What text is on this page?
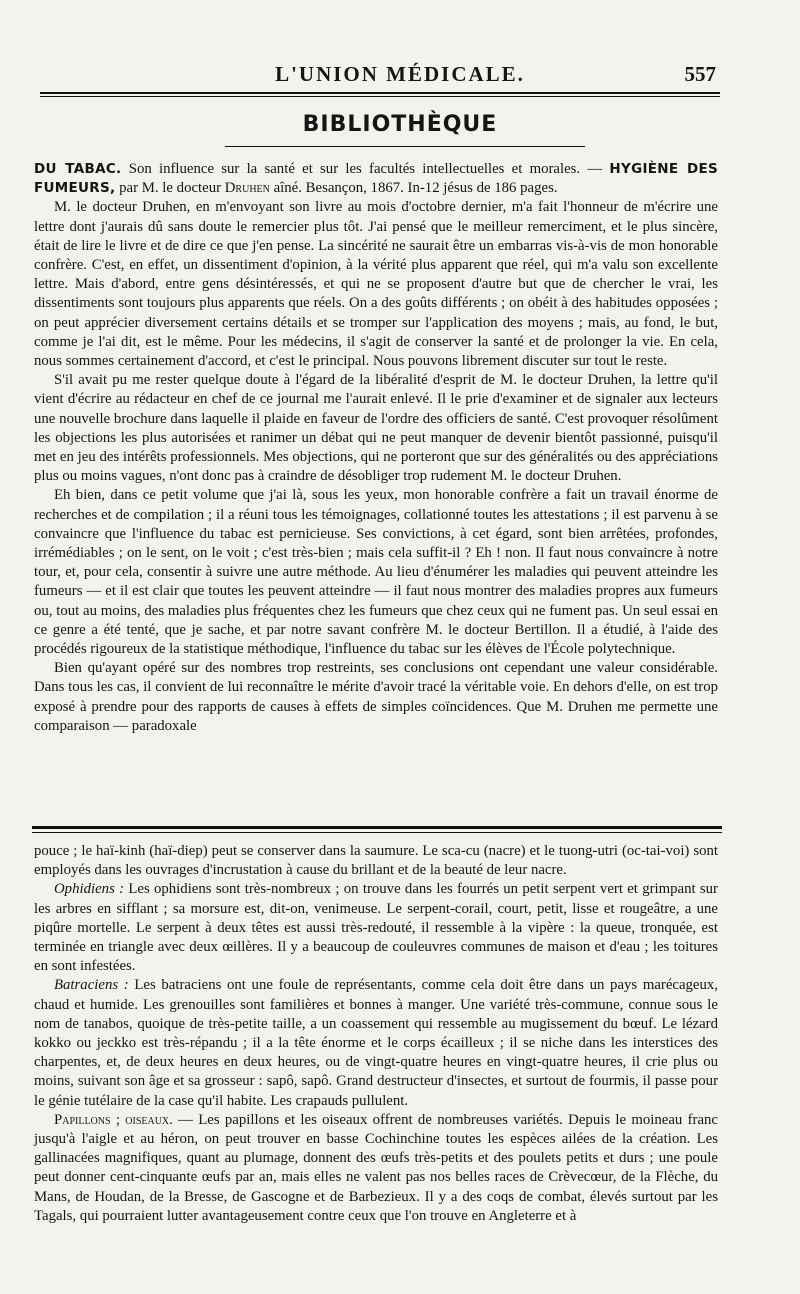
L'UNION MÉDICALE.	557
BIBLIOTHÈQUE

DU TABAC. Son influence sur la santé et sur les facultés intellectuelles et morales. — HYGIÈNE DES FUMEURS, par M. le docteur Druhen aîné. Besançon, 1867. In-12 jésus de 186 pages.

M. le docteur Druhen, en m'envoyant son livre au mois d'octobre dernier, m'a fait l'honneur de m'écrire une lettre dont j'aurais dû sans doute le remercier plus tôt. J'ai pensé que le meilleur remerciment, et le plus sincère, était de lire le livre et de dire ce que j'en pense. La sincérité ne saurait être un embarras vis-à-vis de mon honorable confrère. C'est, en effet, un dissentiment d'opinion, à la vérité plus apparent que réel, qui m'a valu son excellente lettre. Mais d'abord, entre gens désintéressés, et qui ne se proposent d'autre but que de chercher le vrai, les dissentiments sont toujours plus apparents que réels. On a des goûts différents ; on obéit à des habitudes opposées ; on peut apprécier diversement certains détails et se tromper sur l'application des moyens ; mais, au fond, le but, comme je l'ai dit, est le même. Pour les médecins, il s'agit de conserver la santé et de prolonger la vie. En cela, nous sommes certainement d'accord, et c'est le principal. Nous pouvons librement discuter sur tout le reste.

S'il avait pu me rester quelque doute à l'égard de la libéralité d'esprit de M. le docteur Druhen, la lettre qu'il vient d'écrire au rédacteur en chef de ce journal me l'aurait enlevé. Il le prie d'examiner et de signaler aux lecteurs une nouvelle brochure dans laquelle il plaide en faveur de l'ordre des officiers de santé. C'est provoquer résolûment les objections les plus autorisées et ranimer un débat qui ne peut manquer de devenir bientôt passionné, puisqu'il met en jeu des intérêts professionnels. Mes objections, qui ne porteront que sur des généralités ou des appréciations plus ou moins vagues, n'ont donc pas à craindre de désobliger trop rudement M. le docteur Druhen.

Eh bien, dans ce petit volume que j'ai là, sous les yeux, mon honorable confrère a fait un travail énorme de recherches et de compilation ; il a réuni tous les témoignages, collationné toutes les attestations ; il est parvenu à se convaincre que l'influence du tabac est pernicieuse. Ses convictions, à cet égard, sont bien arrêtées, profondes, irrémédiables ; on le sent, on le voit ; c'est très-bien ; mais cela suffit-il ? Eh ! non. Il faut nous convaincre à notre tour, et, pour cela, consentir à suivre une autre méthode. Au lieu d'énumérer les maladies qui peuvent atteindre les fumeurs — et il est clair que toutes les peuvent atteindre — il faut nous montrer des maladies propres aux fumeurs ou, tout au moins, des maladies plus fréquentes chez les fumeurs que chez ceux qui ne fument pas. Un seul essai en ce genre a été tenté, que je sache, et par notre savant confrère M. le docteur Bertillon. Il a étudié, à l'aide des procédés rigoureux de la statistique méthodique, l'influence du tabac sur les élèves de l'École polytechnique.

Bien qu'ayant opéré sur des nombres trop restreints, ses conclusions ont cependant une valeur considérable. Dans tous les cas, il convient de lui reconnaître le mérite d'avoir tracé la véritable voie. En dehors d'elle, on est trop exposé à prendre pour des rapports de causes à effets de simples coïncidences. Que M. Druhen me permette une comparaison — paradoxale

pouce ; le haï-kinh (haï-diep) peut se conserver dans la saumure. Le sca-cu (nacre) et le tuong-utri (oc-tai-voi) sont employés dans les ouvrages d'incrustation à cause du brillant et de la beauté de leur nacre.

Ophidiens : Les ophidiens sont très-nombreux ; on trouve dans les fourrés un petit serpent vert et grimpant sur les arbres en sifflant ; sa morsure est, dit-on, venimeuse. Le serpent-corail, court, petit, lisse et rougeâtre, a une piqûre mortelle. Le serpent à deux têtes est aussi très-redouté, il ressemble à la vipère : la queue, tronquée, est terminée en triangle avec deux œillères. Il y a beaucoup de couleuvres communes de maison et d'eau ; les toitures en sont infestées.

Batraciens : Les batraciens ont une foule de représentants, comme cela doit être dans un pays marécageux, chaud et humide. Les grenouilles sont familières et bonnes à manger. Une variété très-commune, connue sous le nom de tanabos, quoique de très-petite taille, a un coassement qui ressemble au mugissement du bœuf. Le lézard kokko ou jeckko est très-répandu ; il a la tête énorme et le corps écailleux ; il se niche dans les interstices des charpentes, et, de deux heures en deux heures, ou de vingt-quatre heures en vingt-quatre heures, il crie plus ou moins, suivant son âge et sa grosseur : sapô, sapô. Grand destructeur d'insectes, et surtout de fourmis, il passe pour le génie tutélaire de la case qu'il habite. Les crapauds pullulent.

Papillons ; oiseaux. — Les papillons et les oiseaux offrent de nombreuses variétés. Depuis le moineau franc jusqu'à l'aigle et au héron, on peut trouver en basse Cochinchine toutes les espèces ailées de la création. Les gallinacées magnifiques, quant au plumage, donnent des œufs très-petits et des poulets petits et durs ; une poule peut donner cent-cinquante œufs par an, mais elles ne valent pas nos belles races de Crèvecœur, de la Flèche, du Mans, de Houdan, de la Bresse, de Gascogne et de Barbezieux. Il y a des coqs de combat, élevés surtout par les Tagals, qui pourraient lutter avantageusement contre ceux que l'on trouve en Angleterre et à
